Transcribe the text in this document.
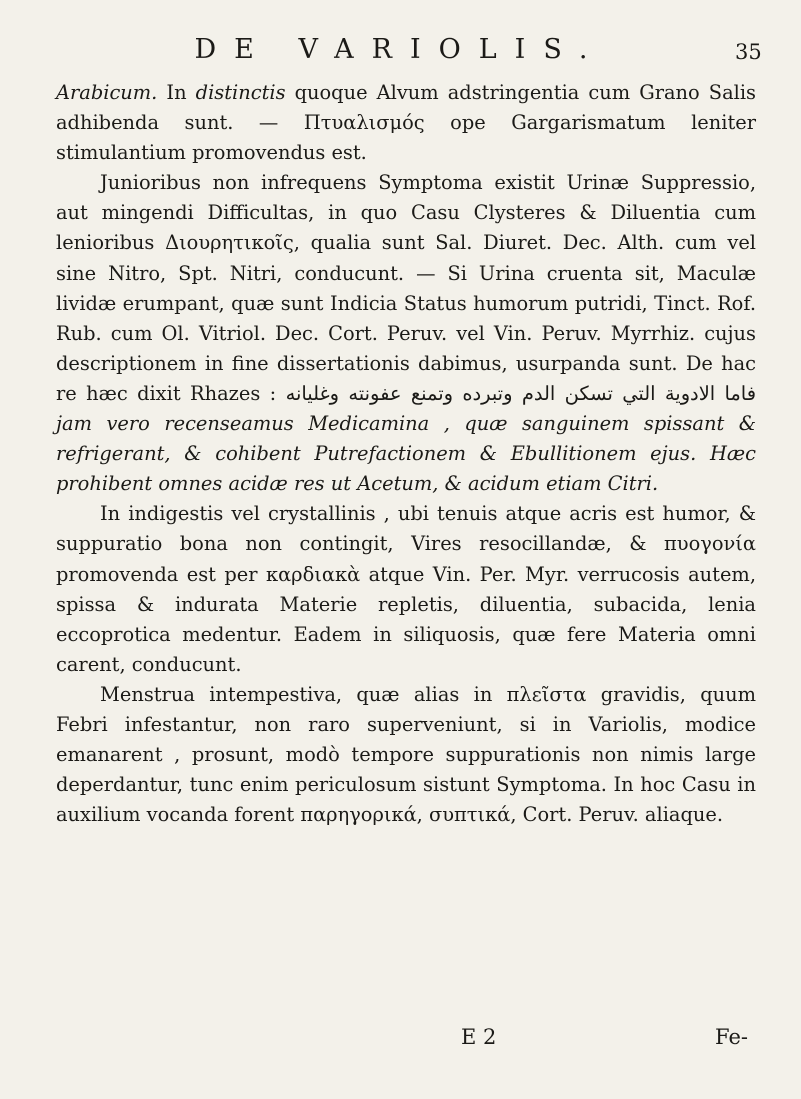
DE VARIOLIS.	35

Arabicum. In distinctis quoque Alvum adstringentia cum Grano Salis adhibenda sunt. — Πτυαλισμός ope Gargarismatum leniter stimulantium promovendus est.

Junioribus non infrequens Symptoma existit Urinæ Suppressio, aut mingendi Difficultas, in quo Casu Clysteres & Diluentia cum lenioribus Διουρητικοῖς, qualia sunt Sal. Diuret. Dec. Alth. cum vel sine Nitro, Spt. Nitri, conducunt. — Si Urina cruenta sit, Maculæ lividæ erumpant, quæ sunt Indicia Status humorum putridi, Tinct. Rof. Rub. cum Ol. Vitriol. Dec. Cort. Peruv. vel Vin. Peruv. Myrrhiz. cujus descriptionem in fine dissertationis dabimus, usurpanda sunt. De hac re hæc dixit Rhazes : فاما الادوية التي تسكن الدم وتبرده وتمنع عفونته وغليانه jam vero recenseamus Medicamina , quæ sanguinem spissant & refrigerant, & cohibent Putrefactionem & Ebullitionem ejus. Hæc prohibent omnes acidæ res ut Acetum, & acidum etiam Citri.

In indigestis vel crystallinis , ubi tenuis atque acris est humor, & suppuratio bona non contingit, Vires resocillandæ, & πυογονία promovenda est per καρδιακὰ atque Vin. Per. Myr. verrucosis autem, spissa & indurata Materie repletis, diluentia, subacida, lenia eccoprotica medentur. Eadem in siliquosis, quæ fere Materia omni carent, conducunt.

Menstrua intempestiva, quæ alias in πλεῖστα gravidis, quum Febri infestantur, non raro superveniunt, si in Variolis, modice emanarent , prosunt, modò tempore suppurationis non nimis large deperdantur, tunc enim periculosum sistunt Symptoma. In hoc Casu in auxilium vocanda forent παρηγορικά, συπτικά, Cort. Peruv. aliaque.

E 2	Fe-
